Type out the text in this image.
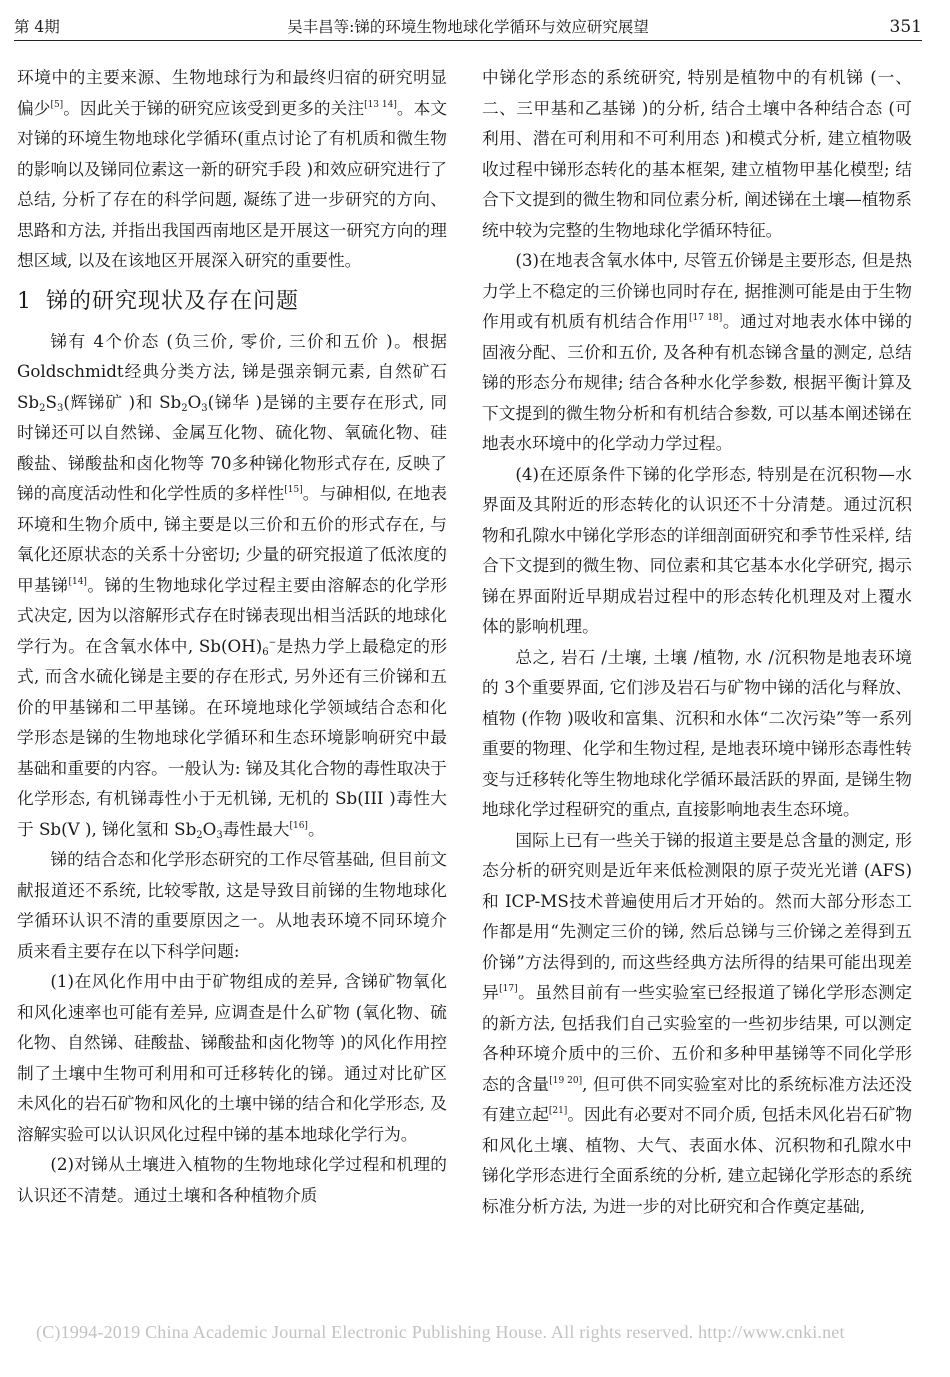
第 4期	吴丰昌等:锑的环境生物地球化学循环与效应研究展望	351

环境中的主要来源、生物地球行为和最终归宿的研究明显偏少[5]。因此关于锑的研究应该受到更多的关注[13 14]。本文对锑的环境生物地球化学循环(重点讨论了有机质和微生物的影响以及锑同位素这一新的研究手段 )和效应研究进行了总结, 分析了存在的科学问题, 凝练了进一步研究的方向、思路和方法, 并指出我国西南地区是开展这一研究方向的理想区域, 以及在该地区开展深入研究的重要性。

1 锑的研究现状及存在问题

锑有 4个价态 (负三价, 零价, 三价和五价 )。根据 Goldschmidt经典分类方法, 锑是强亲铜元素, 自然矿石 $Sb_2S_3$(辉锑矿 )和 $Sb_2O_3$(锑华 )是锑的主要存在形式, 同时锑还可以自然锑、金属互化物、硫化物、氧硫化物、硅酸盐、锑酸盐和卤化物等 70多种锑化物形式存在, 反映了锑的高度活动性和化学性质的多样性[15]。与砷相似, 在地表环境和生物介质中, 锑主要是以三价和五价的形式存在, 与氧化还原状态的关系十分密切; 少量的研究报道了低浓度的甲基锑[14]。锑的生物地球化学过程主要由溶解态的化学形式决定, 因为以溶解形式存在时锑表现出相当活跃的地球化学行为。在含氧水体中, $Sb(OH)_6^-$是热力学上最稳定的形式, 而含水硫化锑是主要的存在形式, 另外还有三价锑和五价的甲基锑和二甲基锑。在环境地球化学领域结合态和化学形态是锑的生物地球化学循环和生态环境影响研究中最基础和重要的内容。一般认为: 锑及其化合物的毒性取决于化学形态, 有机锑毒性小于无机锑, 无机的 Sb(III )毒性大于 Sb(V ), 锑化氢和 $Sb_2O_3$毒性最大[16]。

锑的结合态和化学形态研究的工作尽管基础, 但目前文献报道还不系统, 比较零散, 这是导致目前锑的生物地球化学循环认识不清的重要原因之一。从地表环境不同环境介质来看主要存在以下科学问题:

(1)在风化作用中由于矿物组成的差异, 含锑矿物氧化和风化速率也可能有差异, 应调查是什么矿物 (氧化物、硫化物、自然锑、硅酸盐、锑酸盐和卤化物等 )的风化作用控制了土壤中生物可利用和可迁移转化的锑。通过对比矿区未风化的岩石矿物和风化的土壤中锑的结合和化学形态, 及溶解实验可以认识风化过程中锑的基本地球化学行为。

(2)对锑从土壤进入植物的生物地球化学过程和机理的认识还不清楚。通过土壤和各种植物介质

中锑化学形态的系统研究, 特别是植物中的有机锑 (一、二、三甲基和乙基锑 )的分析, 结合土壤中各种结合态 (可利用、潜在可利用和不可利用态 )和模式分析, 建立植物吸收过程中锑形态转化的基本框架, 建立植物甲基化模型; 结合下文提到的微生物和同位素分析, 阐述锑在土壤—植物系统中较为完整的生物地球化学循环特征。

(3)在地表含氧水体中, 尽管五价锑是主要形态, 但是热力学上不稳定的三价锑也同时存在, 据推测可能是由于生物作用或有机质有机结合作用[17 18]。通过对地表水体中锑的固液分配、三价和五价, 及各种有机态锑含量的测定, 总结锑的形态分布规律; 结合各种水化学参数, 根据平衡计算及下文提到的微生物分析和有机结合参数, 可以基本阐述锑在地表水环境中的化学动力学过程。

(4)在还原条件下锑的化学形态, 特别是在沉积物—水界面及其附近的形态转化的认识还不十分清楚。通过沉积物和孔隙水中锑化学形态的详细剖面研究和季节性采样, 结合下文提到的微生物、同位素和其它基本水化学研究, 揭示锑在界面附近早期成岩过程中的形态转化机理及对上覆水体的影响机理。

总之, 岩石 /土壤, 土壤 /植物, 水 /沉积物是地表环境的 3个重要界面, 它们涉及岩石与矿物中锑的活化与释放、植物 (作物 )吸收和富集、沉积和水体“二次污染”等一系列重要的物理、化学和生物过程, 是地表环境中锑形态毒性转变与迁移转化等生物地球化学循环最活跃的界面, 是锑生物地球化学过程研究的重点, 直接影响地表生态环境。

国际上已有一些关于锑的报道主要是总含量的测定, 形态分析的研究则是近年来低检测限的原子荧光光谱 (AFS)和 ICP-MS技术普遍使用后才开始的。然而大部分形态工作都是用“先测定三价的锑, 然后总锑与三价锑之差得到五价锑”方法得到的, 而这些经典方法所得的结果可能出现差异[17]。虽然目前有一些实验室已经报道了锑化学形态测定的新方法, 包括我们自己实验室的一些初步结果, 可以测定各种环境介质中的三价、五价和多种甲基锑等不同化学形态的含量[19 20], 但可供不同实验室对比的系统标准方法还没有建立起[21]。因此有必要对不同介质, 包括未风化岩石矿物和风化土壤、植物、大气、表面水体、沉积物和孔隙水中锑化学形态进行全面系统的分析, 建立起锑化学形态的系统标准分析方法, 为进一步的对比研究和合作奠定基础,

(C)1994-2019 China Academic Journal Electronic Publishing House. All rights reserved. http://www.cnki.net
